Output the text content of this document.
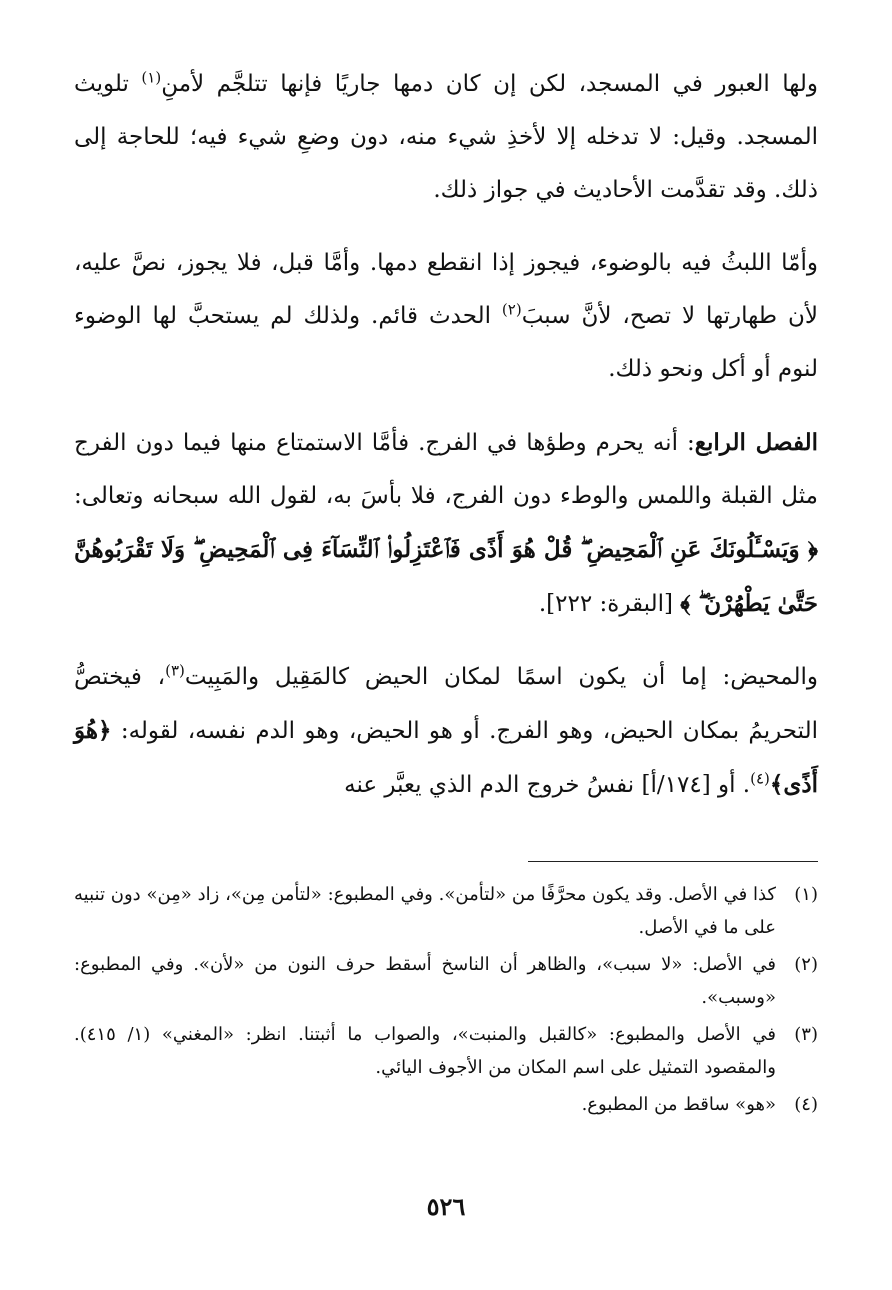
ولها العبور في المسجد، لكن إن كان دمها جاريًا فإنها تتلجَّم لأمنِ$^{(١)}$ تلويث المسجد. وقيل: لا تدخله إلا لأخذِ شيء منه، دون وضعِ شيء فيه؛ للحاجة إلى ذلك. وقد تقدَّمت الأحاديث في جواز ذلك.

وأمّا اللبثُ فيه بالوضوء، فيجوز إذا انقطع دمها. وأمَّا قبل، فلا يجوز، نصَّ عليه، لأن طهارتها لا تصح، لأنَّ سببَ$^{(٢)}$ الحدث قائم. ولذلك لم يستحبَّ لها الوضوء لنوم أو أكل ونحو ذلك.

الفصل الرابع: أنه يحرم وطؤها في الفرج. فأمَّا الاستمتاع منها فيما دون الفرج مثل القبلة واللمس والوطء دون الفرج، فلا بأسَ به، لقول الله سبحانه وتعالى: ﴿ وَيَسْـَٔلُونَكَ عَنِ ٱلْمَحِيضِ ۖ قُلْ هُوَ أَذًى فَٱعْتَزِلُوا۟ ٱلنِّسَآءَ فِى ٱلْمَحِيضِ ۖ وَلَا تَقْرَبُوهُنَّ حَتَّىٰ يَطْهُرْنَ ۖ ﴾ [البقرة: ٢٢٢].

والمحيض: إما أن يكون اسمًا لمكان الحيض كالمَقِيل والمَبِيت$^{(٣)}$، فيختصُّ التحريمُ بمكان الحيض، وهو الفرج. أو هو الحيض، وهو الدم نفسه، لقوله: ﴿هُوَ أَذًى﴾$^{(٤)}$. أو [١٧٤/أ] نفسُ خروج الدم الذي يعبَّر عنه

(١)
كذا في الأصل. وقد يكون محرَّفًا من «لتأمن». وفي المطبوع: «لتأمن مِن»، زاد «مِن» دون تنبيه على ما في الأصل.
(٢)
في الأصل: «لا سبب»، والظاهر أن الناسخ أسقط حرف النون من «لأن». وفي المطبوع: «وسبب».
(٣)
في الأصل والمطبوع: «كالقبل والمنبت»، والصواب ما أثبتنا. انظر: «المغني» (١/ ٤١٥). والمقصود التمثيل على اسم المكان من الأجوف اليائي.
(٤)
«هو» ساقط من المطبوع.
٥٢٦
